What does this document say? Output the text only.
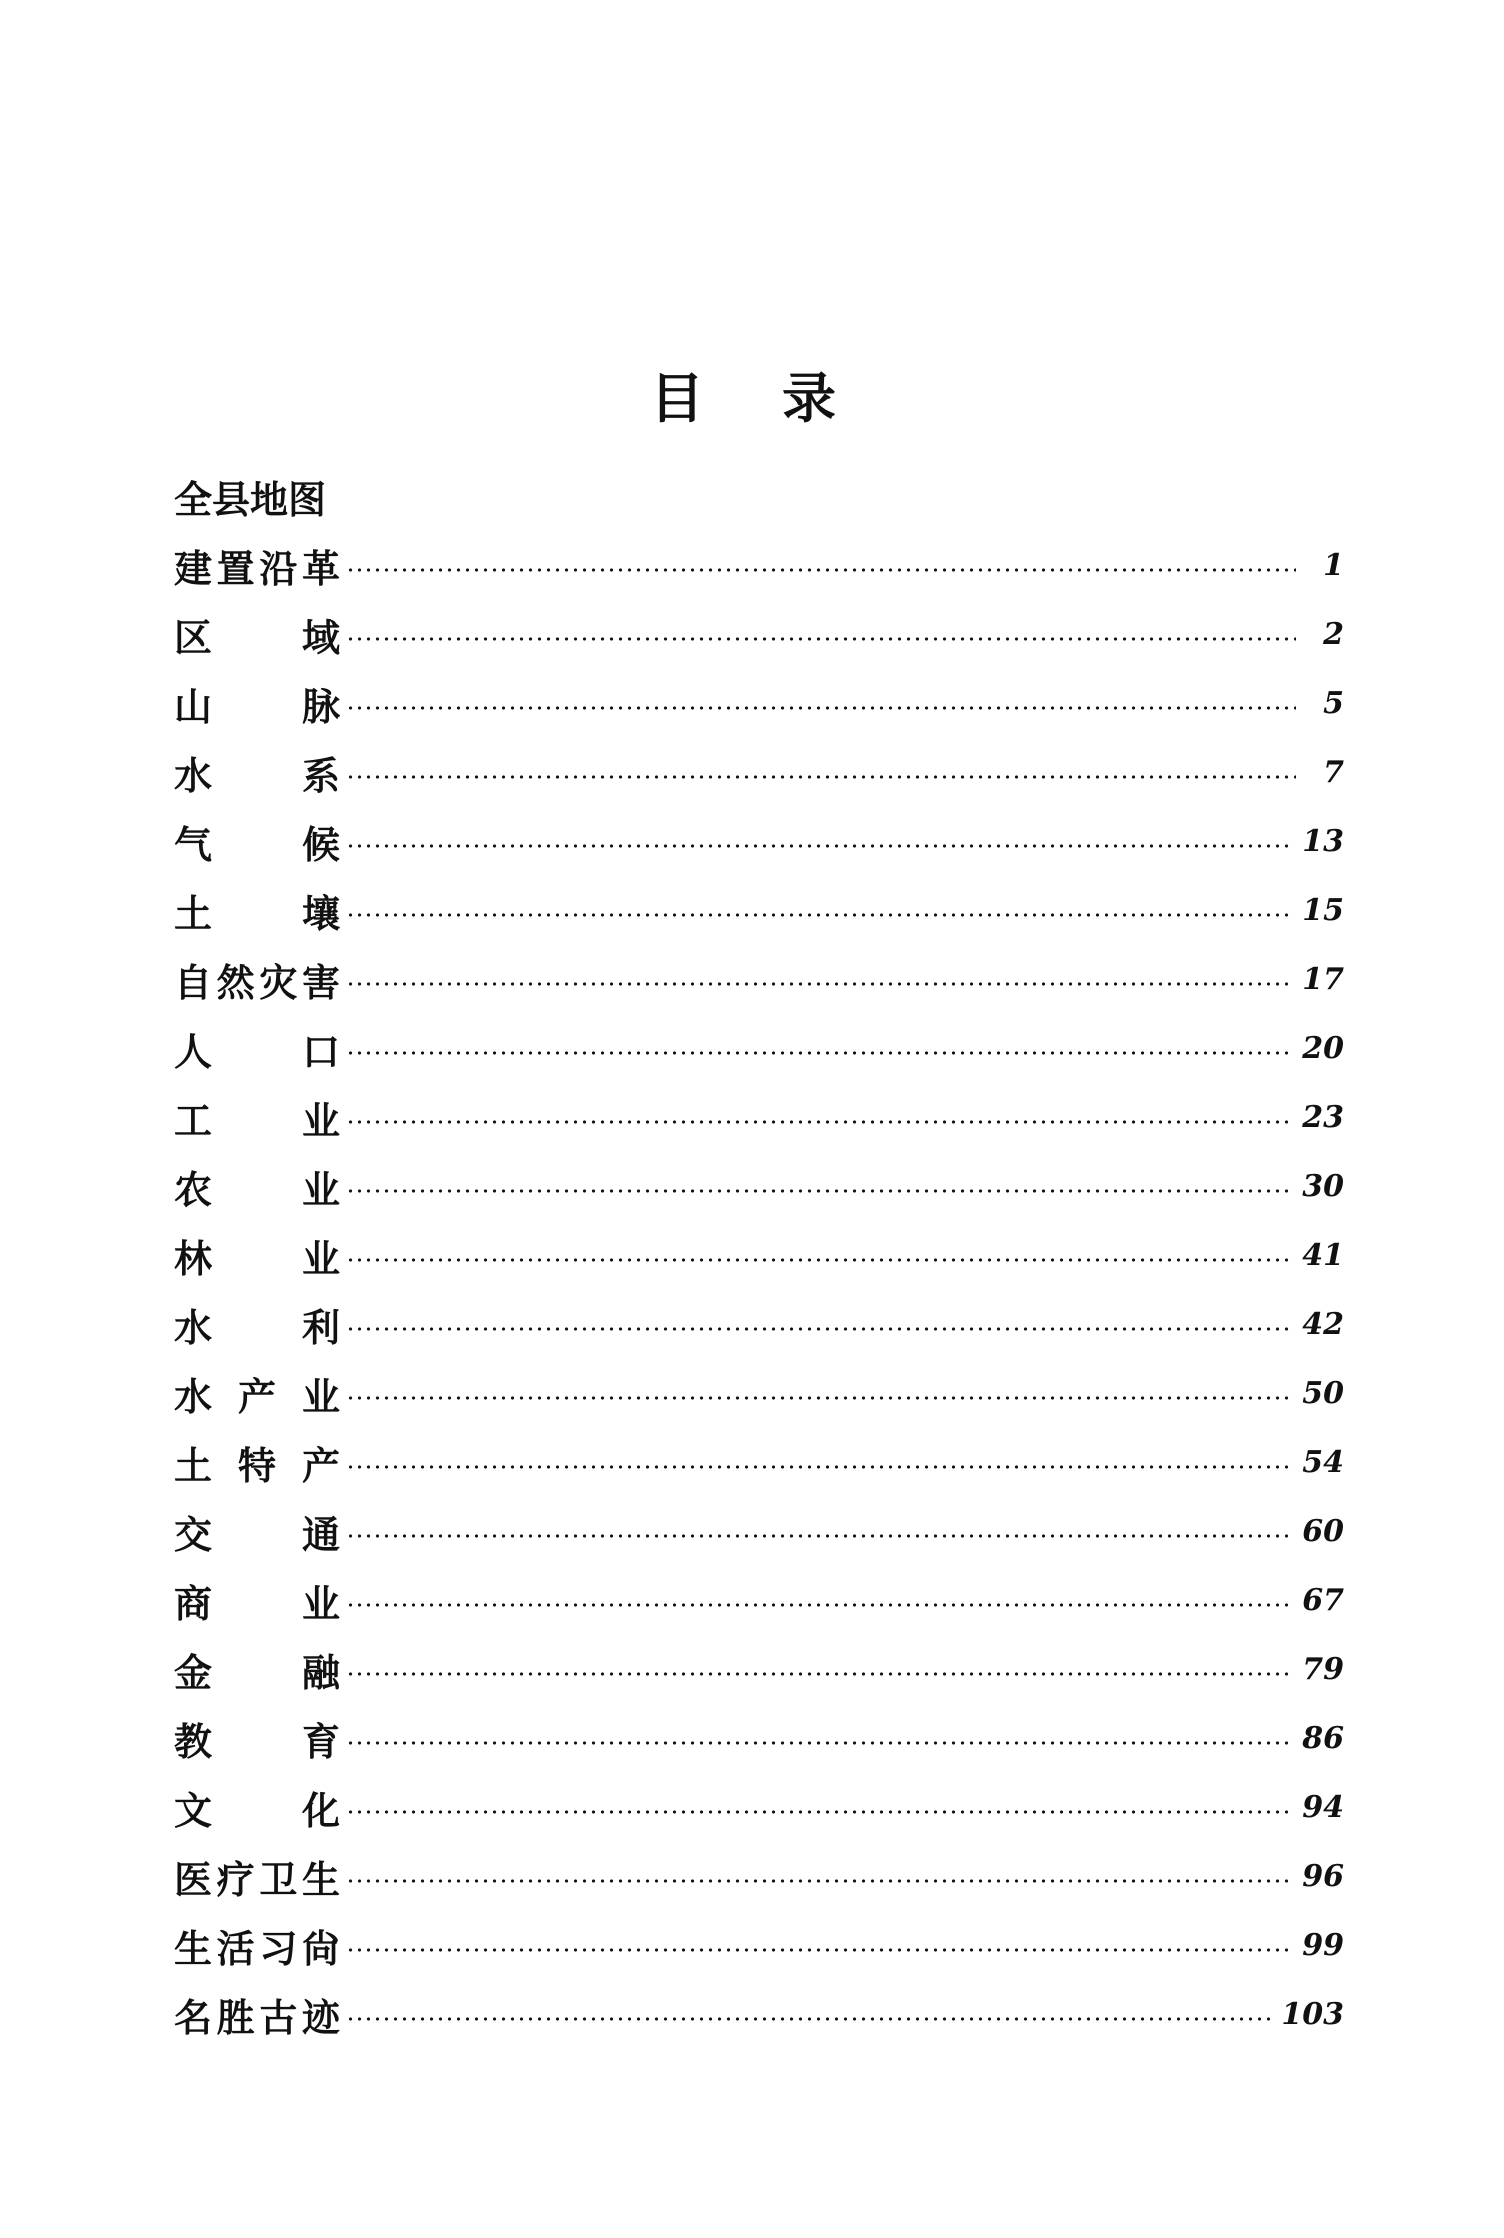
目录
全县地图
建 置 沿 革	1
区 域	2
山 脉	5
水 系	7
气 候	13
土 壤	15
自 然 灾 害	17
人 口	20
工 业	23
农 业	30
林 业	41
水 利	42
水 产 业	50
土 特 产	54
交 通	60
商 业	67
金 融	79
教 育	86
文 化	94
医 疗 卫 生	96
生 活 习 尙	99
名 胜 古 迹	103
